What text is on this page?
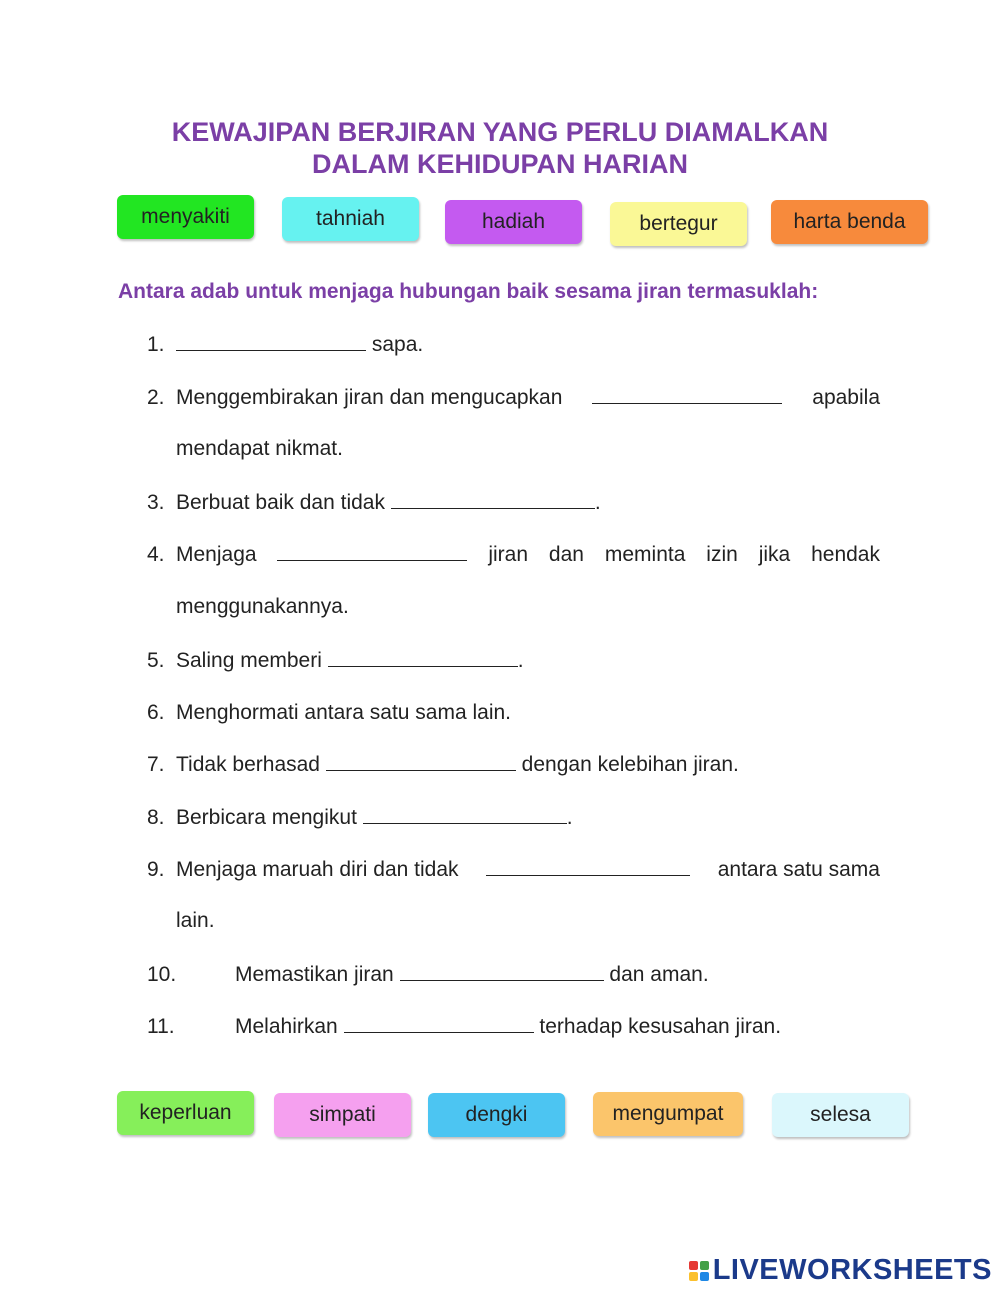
KEWAJIPAN BERJIRAN YANG PERLU DIAMALKAN
DALAM KEHIDUPAN HARIAN
menyakiti	tahniah	hadiah	bertegur	harta benda
Antara adab untuk menjaga hubungan baik sesama jiran termasuklah:
1.	sapa.
2. Menggembirakan jiran dan mengucapkan	apabila
mendapat nikmat.
3. Berbuat baik dan tidak	.
4. Menjaga	jiran dan meminta izin jika hendak
menggunakannya.
5. Saling memberi	.
6. Menghormati antara satu sama lain.
7. Tidak berhasad	dengan kelebihan jiran.
8. Berbicara mengikut	.
9. Menjaga maruah diri dan tidak	antara satu sama
lain.
10.	Memastikan jiran	dan aman.
11.	Melahirkan	terhadap kesusahan jiran.
keperluan	simpati	dengki	mengumpat	selesa
LIVEWORKSHEETS
